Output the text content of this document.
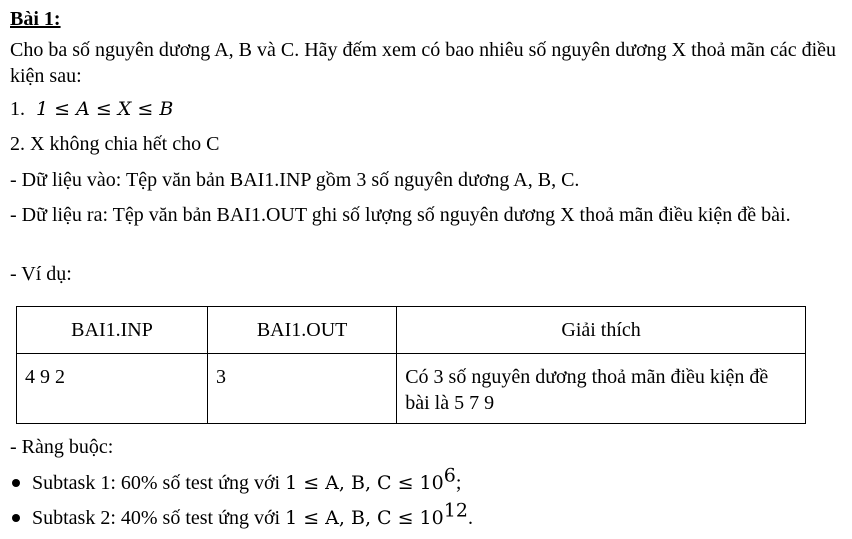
Bài 1:
Cho ba số nguyên dương A, B và C. Hãy đếm xem có bao nhiêu số nguyên dương X thoả mãn các điều kiện sau:
1. 1 ≤ A ≤ X ≤ B
2. X không chia hết cho C
- Dữ liệu vào: Tệp văn bản BAI1.INP gồm 3 số nguyên dương A, B, C.
- Dữ liệu ra: Tệp văn bản BAI1.OUT ghi số lượng số nguyên dương X thoả mãn điều kiện đề bài.
- Ví dụ:
BAI1.INP	BAI1.OUT	Giải thích
4 9 2	3	Có 3 số nguyên dương thoả mãn điều kiện đề bài là 5 7 9
- Ràng buộc:
Subtask 1: 60% số test ứng với 1 ≤ A, B, $C \le 10^6$;
Subtask 2: 40% số test ứng với 1 ≤ A, B, $C \le 10^{12}$.
